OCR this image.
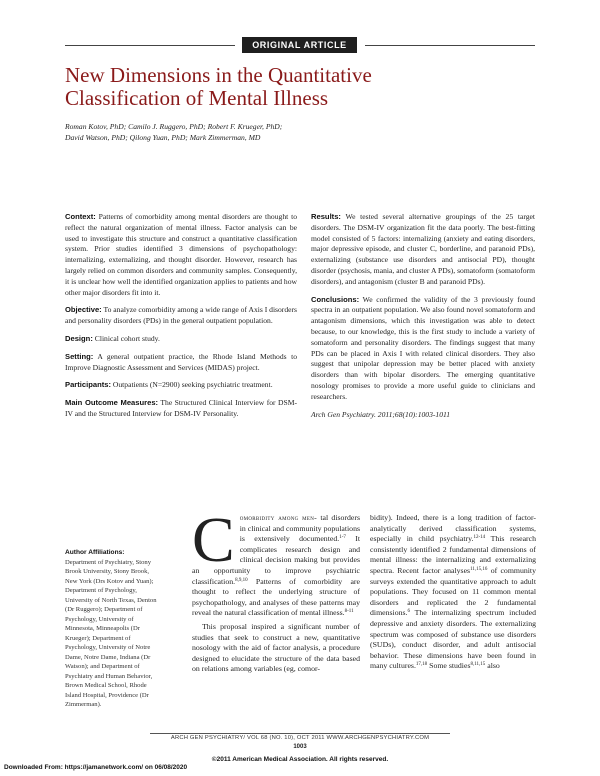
ORIGINAL ARTICLE
New Dimensions in the Quantitative
Classification of Mental Illness
Roman Kotov, PhD; Camilo J. Ruggero, PhD; Robert F. Krueger, PhD;
David Watson, PhD; Qilong Yuan, PhD; Mark Zimmerman, MD

Context: Patterns of comorbidity among mental disorders are thought to reflect the natural organization of mental illness. Factor analysis can be used to investigate this structure and construct a quantitative classification system. Prior studies identified 3 dimensions of psychopathology: internalizing, externalizing, and thought disorder. However, research has largely relied on common disorders and community samples. Consequently, it is unclear how well the identified organization applies to patients and how other major disorders fit into it.

Objective: To analyze comorbidity among a wide range of Axis I disorders and personality disorders (PDs) in the general outpatient population.

Design: Clinical cohort study.

Setting: A general outpatient practice, the Rhode Island Methods to Improve Diagnostic Assessment and Services (MIDAS) project.

Participants: Outpatients (N=2900) seeking psychiatric treatment.

Main Outcome Measures: The Structured Clinical Interview for DSM-IV and the Structured Interview for DSM-IV Personality.

Results: We tested several alternative groupings of the 25 target disorders. The DSM-IV organization fit the data poorly. The best-fitting model consisted of 5 factors: internalizing (anxiety and eating disorders, major depressive episode, and cluster C, borderline, and paranoid PDs), externalizing (substance use disorders and antisocial PD), thought disorder (psychosis, mania, and cluster A PDs), somatoform (somatoform disorders), and antagonism (cluster B and paranoid PDs).

Conclusions: We confirmed the validity of the 3 previously found spectra in an outpatient population. We also found novel somatoform and antagonism dimensions, which this investigation was able to detect because, to our knowledge, this is the first study to include a variety of somatoform and personality disorders. The findings suggest that many PDs can be placed in Axis I with related clinical disorders. They also suggest that unipolar depression may be better placed with anxiety disorders than with bipolar disorders. The emerging quantitative nosology promises to provide a more useful guide to clinicians and researchers.

Arch Gen Psychiatry. 2011;68(10):1003-1011

Author Affiliations:
Department of Psychiatry, Stony Brook University, Stony Brook, New York (Drs Kotov and Yuan); Department of Psychology, University of North Texas, Denton (Dr Ruggero); Department of Psychology, University of Minnesota, Minneapolis (Dr Krueger); Department of Psychology, University of Notre Dame, Notre Dame, Indiana (Dr Watson); and Department of Psychiatry and Human Behavior, Brown Medical School, Rhode Island Hospital, Providence (Dr Zimmerman).
C omorbidity among men- tal disorders in clinical and community populations is extensively documented.$^{1-7}$ It complicates research design and clinical decision making but provides an opportunity to improve psychiatric classification.$^{8,9,10}$ Patterns of comorbidity are thought to reflect the underlying structure of psychopathology, and analyses of these patterns may reveal the natural classification of mental illness.$^{8-11}$
This proposal inspired a significant number of studies that seek to construct a new, quantitative nosology with the aid of factor analysis, a procedure designed to elucidate the structure of the data based on relations among variables (eg, comor-
bidity). Indeed, there is a long tradition of factor-analytically derived classification systems, especially in child psychiatry.$^{12-14}$ This research consistently identified 2 fundamental dimensions of mental illness: the internalizing and externalizing spectra. Recent factor analyses$^{11,15,16}$ of community surveys extended the quantitative approach to adult populations. They focused on 11 common mental disorders and replicated the 2 fundamental dimensions.$^6$ The internalizing spectrum included depressive and anxiety disorders. The externalizing spectrum was composed of substance use disorders (SUDs), conduct disorder, and adult antisocial behavior. These dimensions have been found in many cultures.$^{17,18}$ Some studies$^{8,11,15}$ also
ARCH GEN PSYCHIATRY/ VOL 68 (NO. 10), OCT 2011 WWW.ARCHGENPSYCHIATRY.COM
1003
©2011 American Medical Association. All rights reserved.
Downloaded From: https://jamanetwork.com/ on 06/08/2020
